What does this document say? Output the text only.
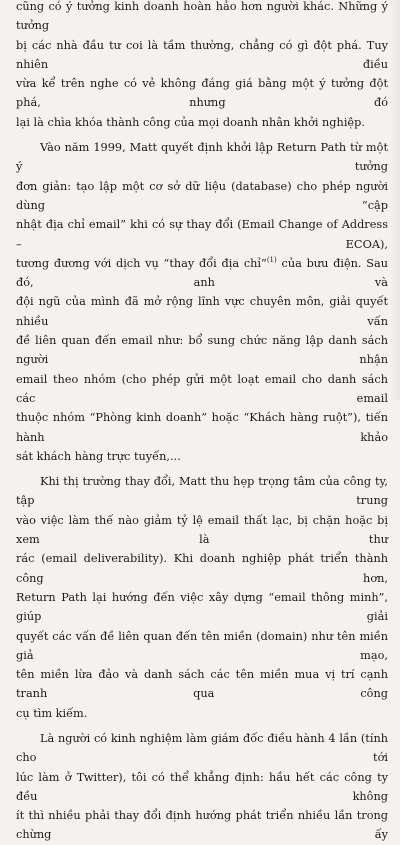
cũng có ý tưởng kinh doanh hoàn hảo hơn người khác. Những ý tưởng
bị các nhà đầu tư coi là tầm thường, chẳng có gì đột phá. Tuy nhiên điều
vừa kể trên nghe có vẻ không đáng giá bằng một ý tưởng đột phá, nhưng đó
lại là chìa khóa thành công của mọi doanh nhân khởi nghiệp.

Vào năm 1999, Matt quyết định khởi lập Return Path từ một ý tưởng
đơn giản: tạo lập một cơ sở dữ liệu (database) cho phép người dùng “cập
nhật địa chỉ email” khi có sự thay đổi (Email Change of Address – ECOA),
tương đương với dịch vụ “thay đổi địa chỉ”$^{(1)}$ của bưu điện. Sau đó, anh và
đội ngũ của mình đã mở rộng lĩnh vực chuyên môn, giải quyết nhiều vấn
đề liên quan đến email như: bổ sung chức năng lập danh sách người nhận
email theo nhóm (cho phép gửi một loạt email cho danh sách các email
thuộc nhóm “Phòng kinh doanh” hoặc “Khách hàng ruột”), tiến hành khảo
sát khách hàng trực tuyến,...

Khi thị trường thay đổi, Matt thu hẹp trọng tâm của công ty, tập trung
vào việc làm thế nào giảm tỷ lệ email thất lạc, bị chặn hoặc bị xem là thư
rác (email deliverability). Khi doanh nghiệp phát triển thành công hơn,
Return Path lại hướng đến việc xây dựng “email thông minh”, giúp giải
quyết các vấn đề liên quan đến tên miền (domain) như tên miền giả mạo,
tên miền lừa đảo và danh sách các tên miền mua vị trí cạnh tranh qua công
cụ tìm kiếm.

Là người có kinh nghiệm làm giám đốc điều hành 4 lần (tính cho tới
lúc làm ở Twitter), tôi có thể khẳng định: hầu hết các công ty đều không
ít thì nhiều phải thay đổi định hướng phát triển nhiều lần trong chừng ấy
